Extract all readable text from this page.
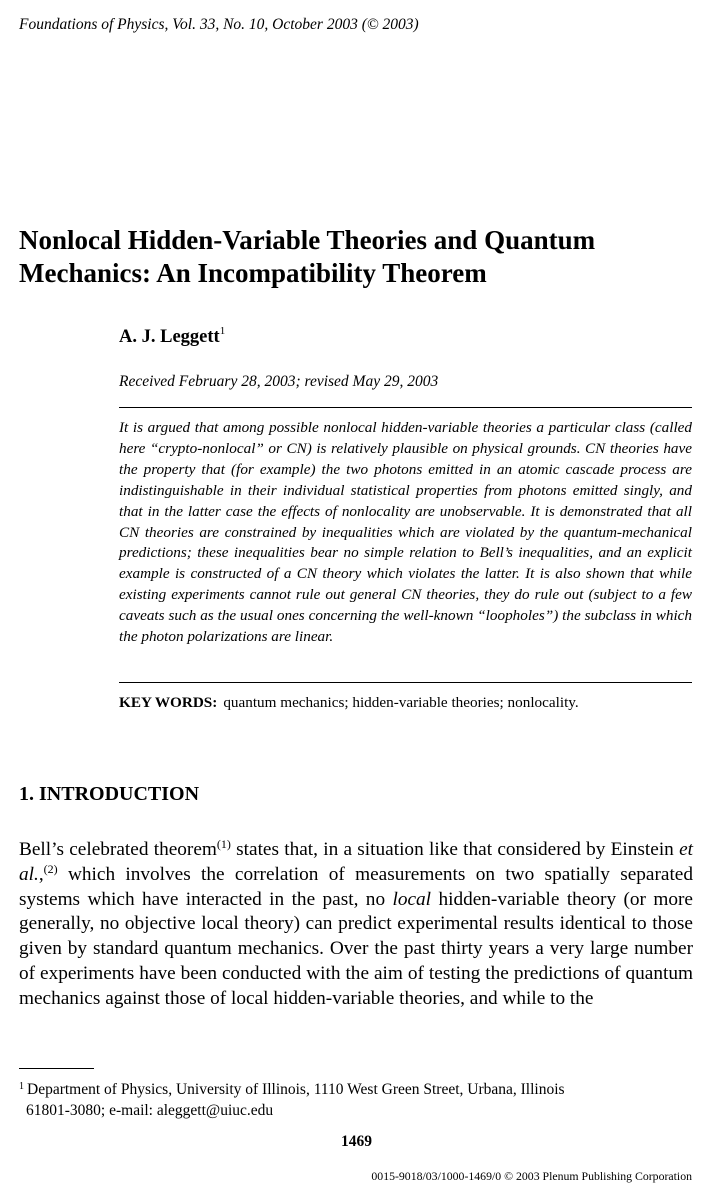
Foundations of Physics, Vol. 33, No. 10, October 2003 (© 2003)
Nonlocal Hidden-Variable Theories and Quantum
Mechanics: An Incompatibility Theorem
A. J. Leggett$^1$
Received February 28, 2003; revised May 29, 2003
It is argued that among possible nonlocal hidden-variable theories a particular class (called here “crypto-nonlocal” or CN) is relatively plausible on physical grounds. CN theories have the property that (for example) the two photons emitted in an atomic cascade process are indistinguishable in their individual statistical properties from photons emitted singly, and that in the latter case the effects of nonlocality are unobservable. It is demonstrated that all CN theories are constrained by inequalities which are violated by the quantum-mechanical predictions; these inequalities bear no simple relation to Bell’s inequalities, and an explicit example is constructed of a CN theory which violates the latter. It is also shown that while existing experiments cannot rule out general CN theories, they do rule out (subject to a few caveats such as the usual ones concerning the well-known “loopholes”) the subclass in which the photon polarizations are linear.
KEY WORDS: quantum mechanics; hidden-variable theories; nonlocality.
1. INTRODUCTION
Bell’s celebrated theorem$^{(1)}$ states that, in a situation like that considered by Einstein et al.,$^{(2)}$ which involves the correlation of measurements on two spatially separated systems which have interacted in the past, no local hidden-variable theory (or more generally, no objective local theory) can predict experimental results identical to those given by standard quantum mechanics. Over the past thirty years a very large number of experiments have been conducted with the aim of testing the predictions of quantum mechanics against those of local hidden-variable theories, and while to the
$^1$ Department of Physics, University of Illinois, 1110 West Green Street, Urbana, Illinois
61801-3080; e-mail: aleggett@uiuc.edu
1469
0015-9018/03/1000-1469/0 © 2003 Plenum Publishing Corporation
